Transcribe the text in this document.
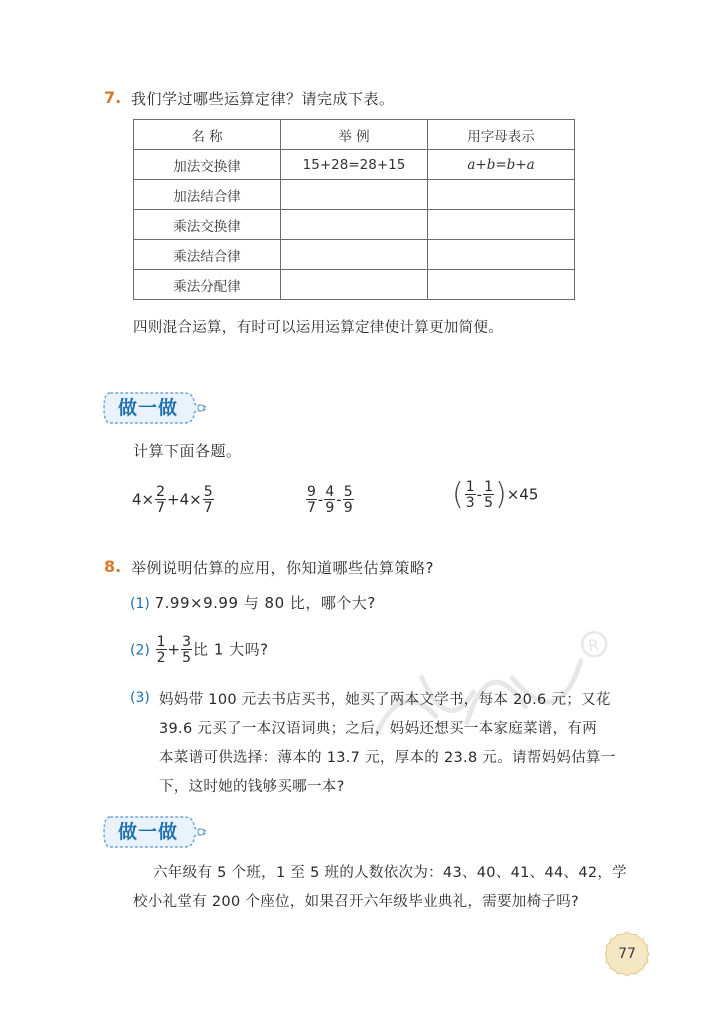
7. 我们学过哪些运算定律？请完成下表。
名 称	举 例	用字母表示
加法交换律	15+28=28+15	a+b=b+a
加法结合律		
乘法交换律		
乘法结合律		
乘法分配律		
四则混合运算，有时可以运用运算定律使计算更加简便。
做一做
计算下面各题。
$4\times \frac{2}{7} +4\times \frac{5}{7}$	$\frac{9}{7} - \frac{4}{9} - \frac{5}{9}$	( $\frac{1}{3} - \frac{1}{5} )\times 45$
8. 举例说明估算的应用，你知道哪些估算策略?
(1) 7.99×9.99 与 80 比，哪个大?
$(2) \frac{1}{2} + \frac{3}{5}$ 比 1 大吗?	R
(3) 妈妈带 100 元去书店买书，她买了两本文学书，每本 20.6 元；又花
39.6 元买了一本汉语词典；之后，妈妈还想买一本家庭菜谱，有两
本菜谱可供选择：薄本的 13.7 元，厚本的 23.8 元。请帮妈妈估算一
下，这时她的钱够买哪一本?
做一做
六年级有 5 个班，1 至 5 班的人数依次为：43、40、41、44、42，学
校小礼堂有 200 个座位，如果召开六年级毕业典礼，需要加椅子吗?
77
